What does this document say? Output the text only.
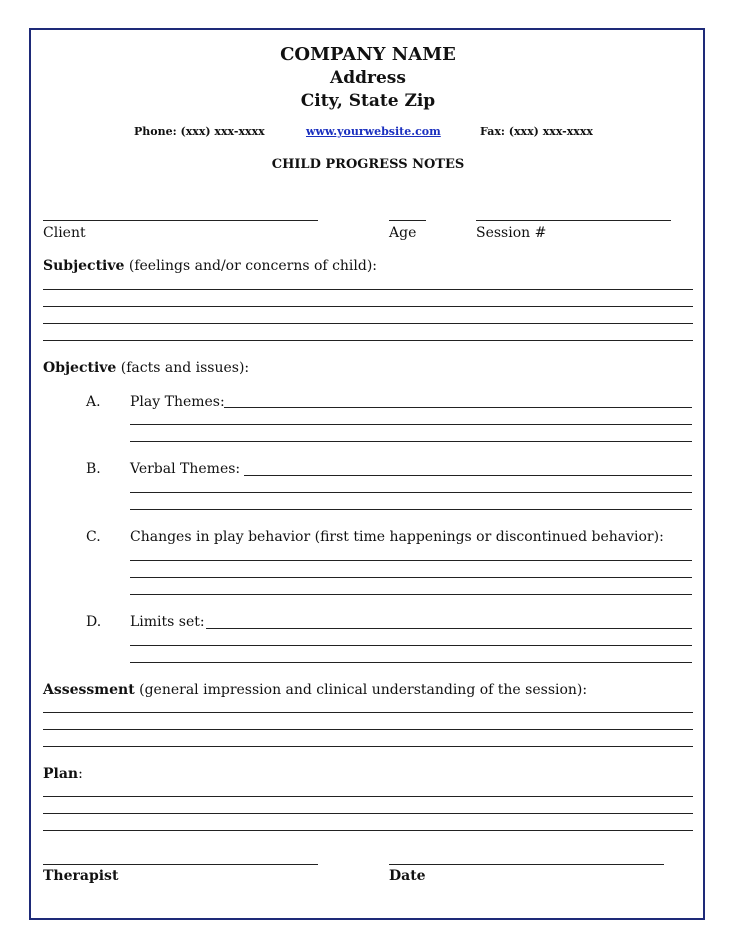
COMPANY NAME
Address
City, State Zip
Phone: (xxx) xxx-xxxx	www.yourwebsite.com	Fax: (xxx) xxx-xxxx
CHILD PROGRESS NOTES
Client	Age	Session #
Subjective (feelings and/or concerns of child):
Objective (facts and issues):
A. Play Themes:
B. Verbal Themes:
C. Changes in play behavior (first time happenings or discontinued behavior):
D. Limits set:
Assessment (general impression and clinical understanding of the session):
Plan:
Therapist	Date
